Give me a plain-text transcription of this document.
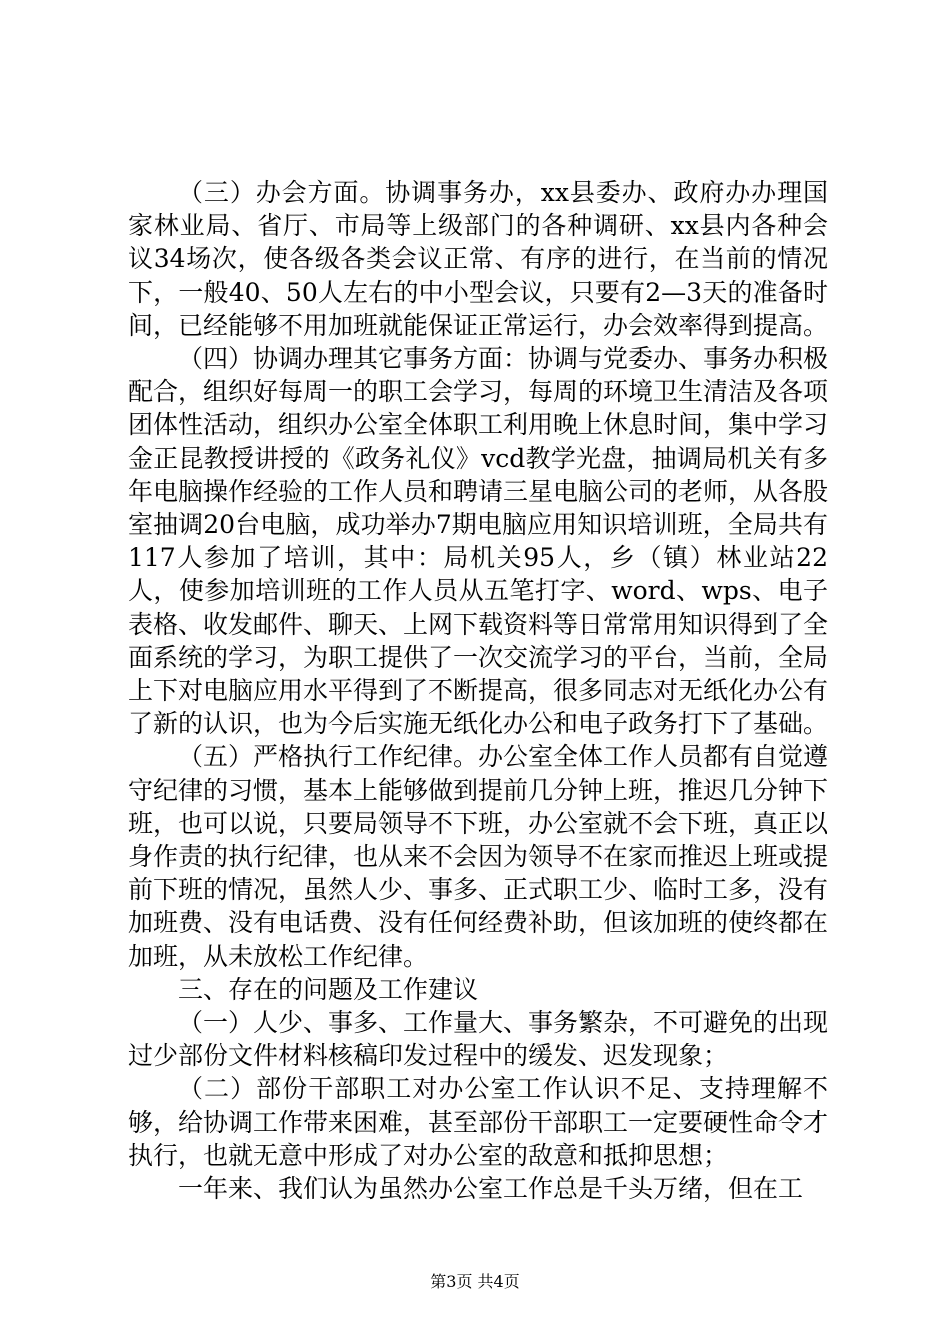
（三）办会方面。协调事务办，xx县委办、政府办办理国家林业局、省厅、市局等上级部门的各种调研、xx县内各种会议34场次，使各级各类会议正常、有序的进行，在当前的情况下，一般40、50人左右的中小型会议，只要有2—3天的准备时间，已经能够不用加班就能保证正常运行，办会效率得到提高。

（四）协调办理其它事务方面：协调与党委办、事务办积极配合，组织好每周一的职工会学习，每周的环境卫生清洁及各项团体性活动，组织办公室全体职工利用晚上休息时间，集中学习金正昆教授讲授的《政务礼仪》vcd教学光盘，抽调局机关有多年电脑操作经验的工作人员和聘请三星电脑公司的老师，从各股室抽调20台电脑，成功举办7期电脑应用知识培训班，全局共有117人参加了培训，其中：局机关95人，乡（镇）林业站22人，使参加培训班的工作人员从五笔打字、word、wps、电子表格、收发邮件、聊天、上网下载资料等日常常用知识得到了全面系统的学习，为职工提供了一次交流学习的平台，当前，全局上下对电脑应用水平得到了不断提高，很多同志对无纸化办公有了新的认识，也为今后实施无纸化办公和电子政务打下了基础。

（五）严格执行工作纪律。办公室全体工作人员都有自觉遵守纪律的习惯，基本上能够做到提前几分钟上班，推迟几分钟下班，也可以说，只要局领导不下班，办公室就不会下班，真正以身作责的执行纪律，也从来不会因为领导不在家而推迟上班或提前下班的情况，虽然人少、事多、正式职工少、临时工多，没有加班费、没有电话费、没有任何经费补助，但该加班的使终都在加班，从未放松工作纪律。

三、存在的问题及工作建议

（一）人少、事多、工作量大、事务繁杂，不可避免的出现过少部份文件材料核稿印发过程中的缓发、迟发现象；

（二）部份干部职工对办公室工作认识不足、支持理解不够，给协调工作带来困难，甚至部份干部职工一定要硬性命令才执行，也就无意中形成了对办公室的敌意和抵抑思想；

一年来、我们认为虽然办公室工作总是千头万绪，但在工

第3页 共4页
